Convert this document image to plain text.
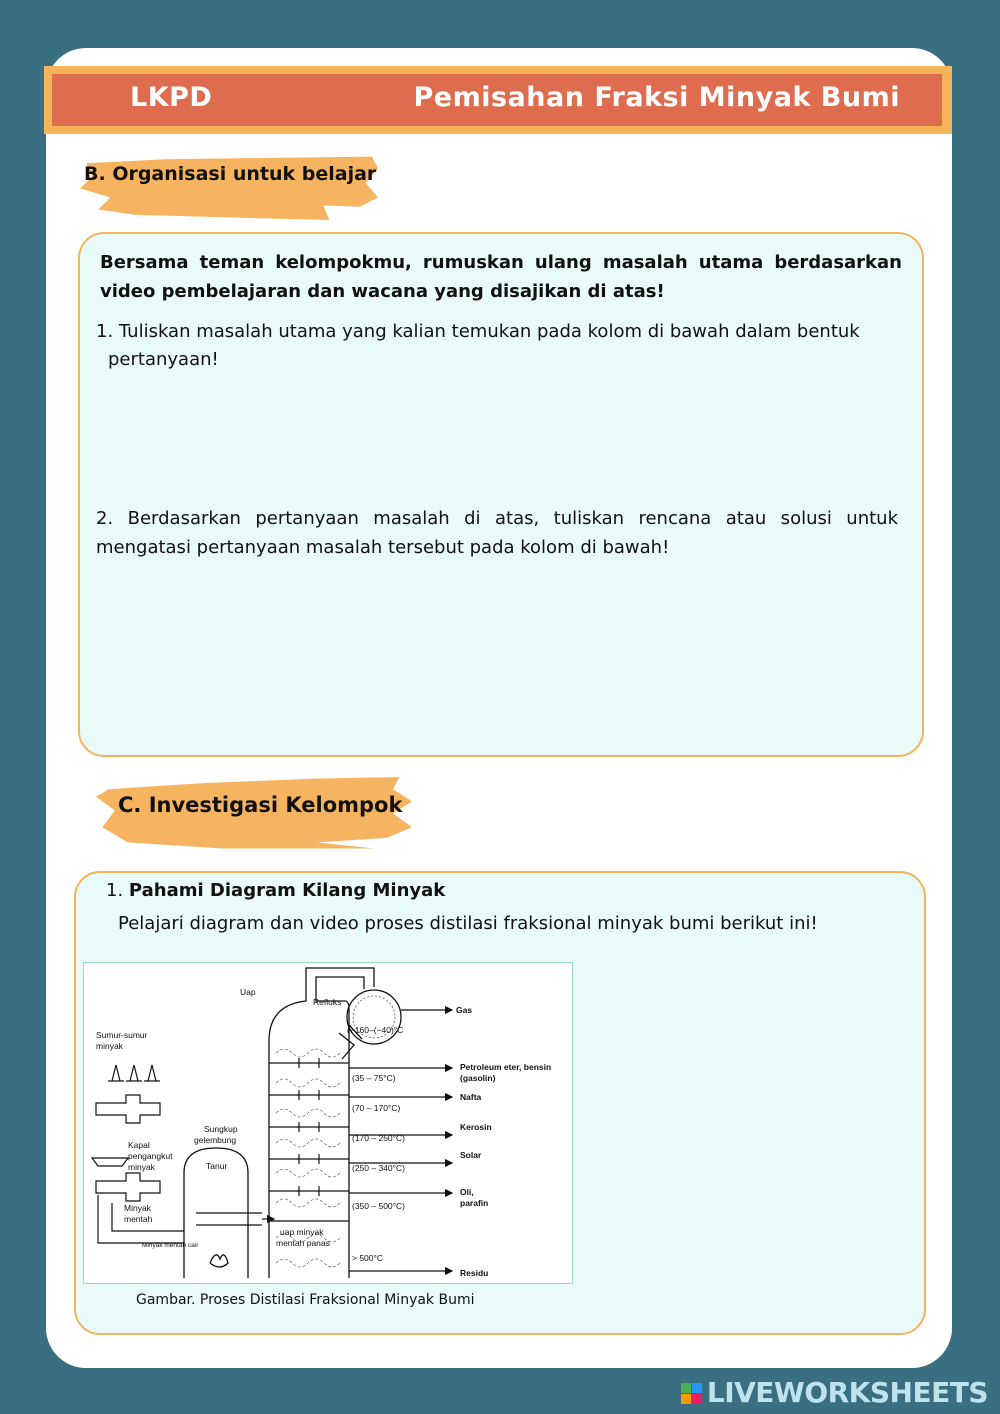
LKPD	Pemisahan Fraksi Minyak Bumi
B. Organisasi untuk belajar
Bersama teman kelompokmu, rumuskan ulang masalah utama berdasarkan video pembelajaran dan wacana yang disajikan di atas!
1. Tuliskan masalah utama yang kalian temukan pada kolom di bawah dalam bentuk
pertanyaan!
2. Berdasarkan pertanyaan masalah di atas, tuliskan rencana atau solusi untuk mengatasi pertanyaan masalah tersebut pada kolom di bawah!
C. Investigasi Kelompok
1. Pahami Diagram Kilang Minyak
Pelajari diagram dan video proses distilasi fraksional minyak bumi berikut ini!
Uap
Refluks
Sumur-sumur
minyak
Kapal
pengangkut
minyak
Sungkup
gelembung
Tanur
Minyak
mentah
Minyak mentah cair
uap minyak
mentah panas
(−160–(−40)°C
(35 – 75°C)
(70 – 170°C)
(170 – 250°C)
(250 – 340°C)
(350 – 500°C)
> 500°C
Gas
Petroleum eter, bensin
(gasolin)
Nafta
Kerosin
Solar
Oli,
parafin
Residu
Gambar. Proses Distilasi Fraksional Minyak Bumi
LIVEWORKSHEETS
